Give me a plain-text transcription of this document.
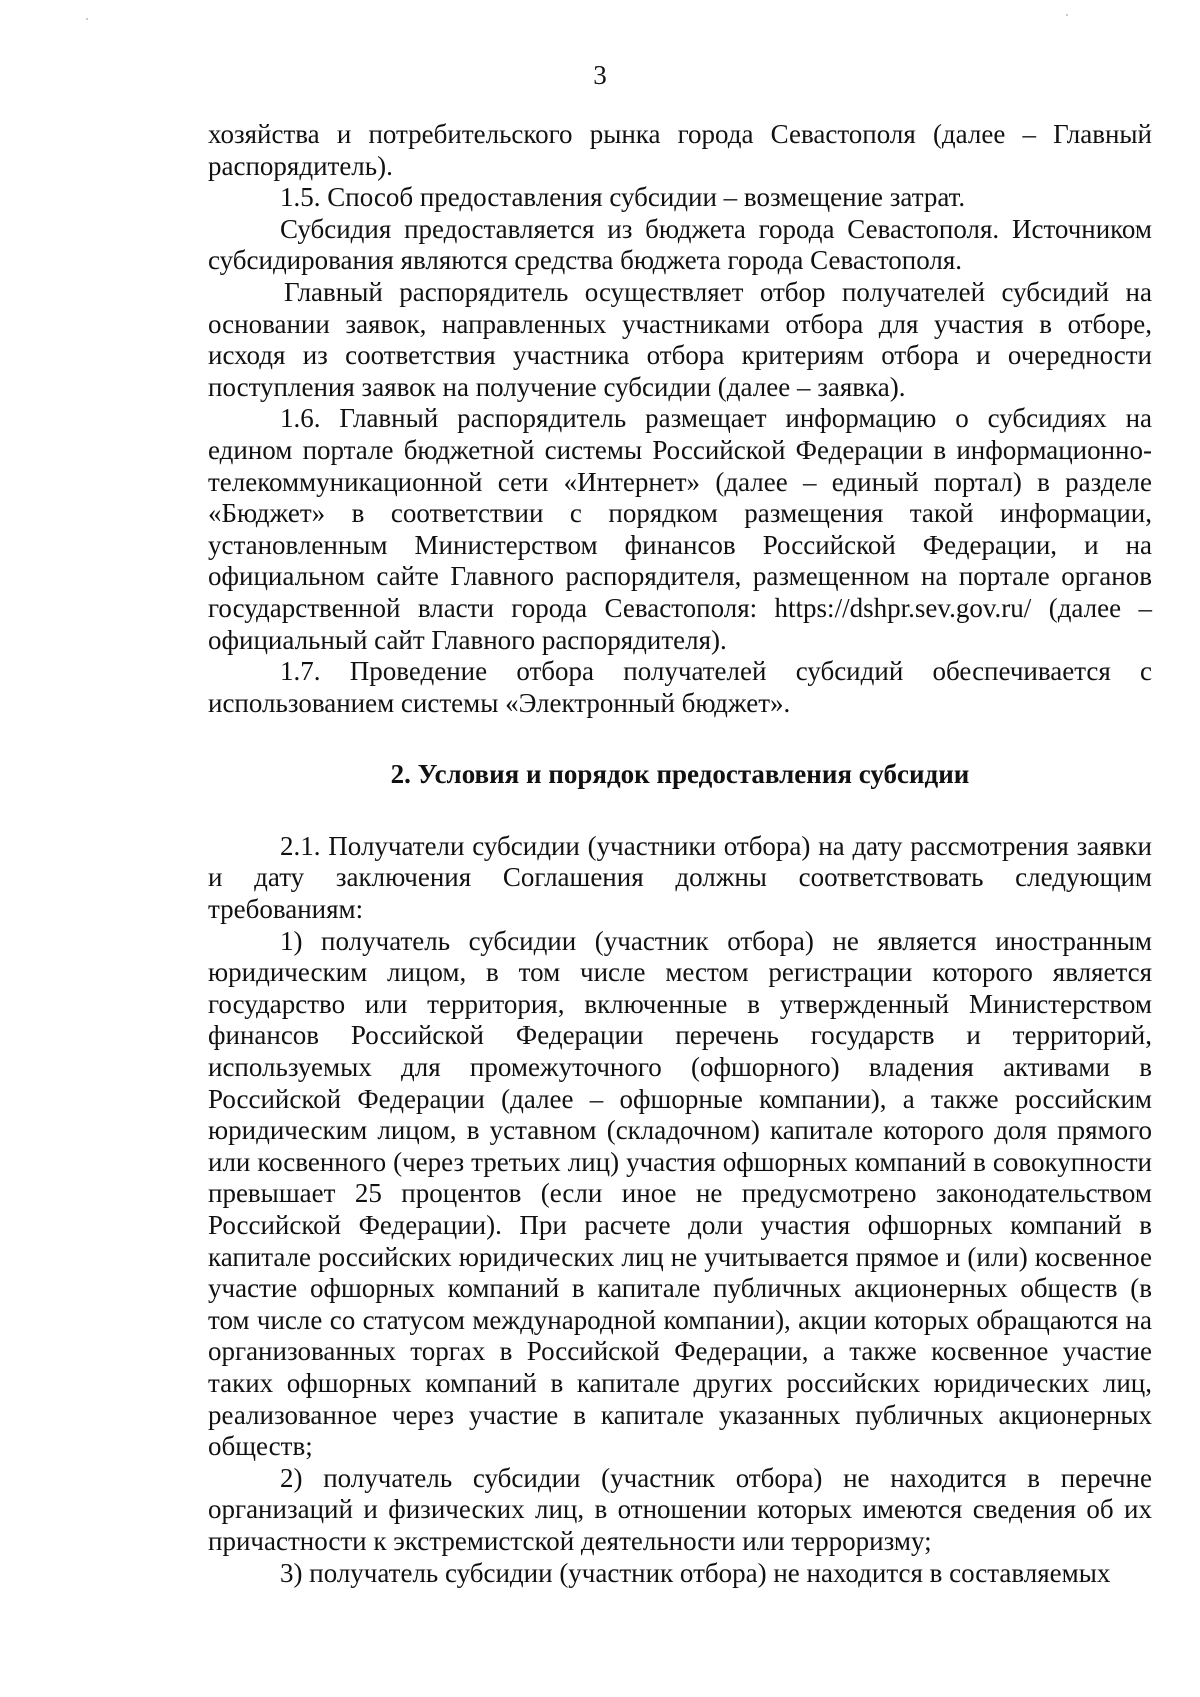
3

хозяйства и потребительского рынка города Севастополя (далее – Главный распорядитель).

1.5. Способ предоставления субсидии – возмещение затрат.

Субсидия предоставляется из бюджета города Севастополя. Источником субсидирования являются средства бюджета города Севастополя.

Главный распорядитель осуществляет отбор получателей субсидий на основании заявок, направленных участниками отбора для участия в отборе, исходя из соответствия участника отбора критериям отбора и очередности поступления заявок на получение субсидии (далее – заявка).

1.6. Главный распорядитель размещает информацию о субсидиях на едином портале бюджетной системы Российской Федерации в информационно-телекоммуникационной сети «Интернет» (далее – единый портал) в разделе «Бюджет» в соответствии с порядком размещения такой информации, установленным Министерством финансов Российской Федерации, и на официальном сайте Главного распорядителя, размещенном на портале органов государственной власти города Севастополя: https://dshpr.sev.gov.ru/ (далее – официальный сайт Главного распорядителя).

1.7. Проведение отбора получателей субсидий обеспечивается с использованием системы «Электронный бюджет».

2. Условия и порядок предоставления субсидии

2.1. Получатели субсидии (участники отбора) на дату рассмотрения заявки и дату заключения Соглашения должны соответствовать следующим требованиям:

1) получатель субсидии (участник отбора) не является иностранным юридическим лицом, в том числе местом регистрации которого является государство или территория, включенные в утвержденный Министерством финансов Российской Федерации перечень государств и территорий, используемых для промежуточного (офшорного) владения активами в Российской Федерации (далее – офшорные компании), а также российским юридическим лицом, в уставном (складочном) капитале которого доля прямого или косвенного (через третьих лиц) участия офшорных компаний в совокупности превышает 25 процентов (если иное не предусмотрено законодательством Российской Федерации). При расчете доли участия офшорных компаний в капитале российских юридических лиц не учитывается прямое и (или) косвенное участие офшорных компаний в капитале публичных акционерных обществ (в том числе со статусом международной компании), акции которых обращаются на организованных торгах в Российской Федерации, а также косвенное участие таких офшорных компаний в капитале других российских юридических лиц, реализованное через участие в капитале указанных публичных акционерных обществ;

2) получатель субсидии (участник отбора) не находится в перечне организаций и физических лиц, в отношении которых имеются сведения об их причастности к экстремистской деятельности или терроризму;

3) получатель субсидии (участник отбора) не находится в составляемых
